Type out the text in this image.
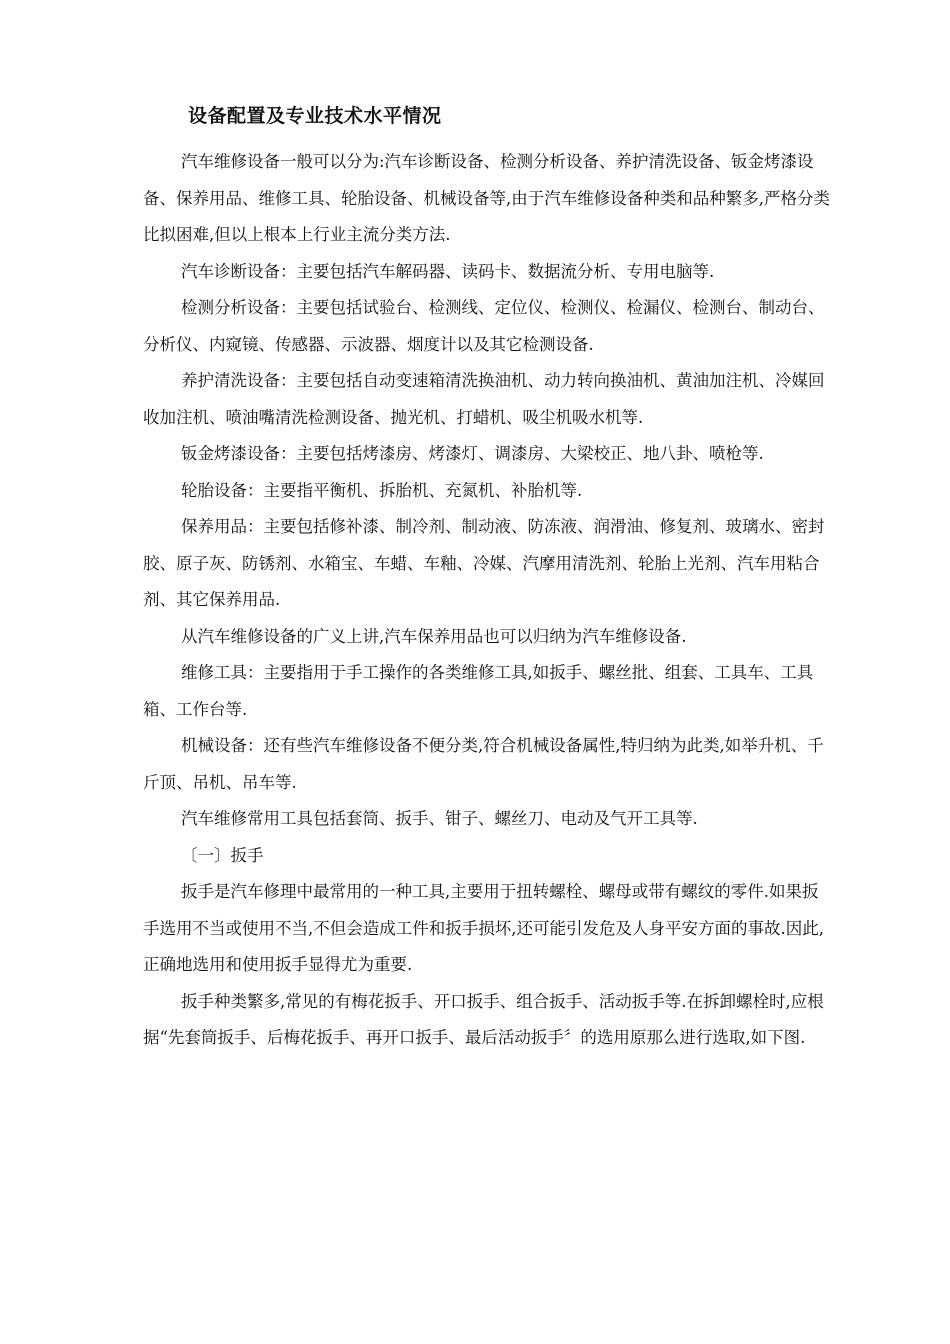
设备配置及专业技术水平情况

汽车维修设备一般可以分为:汽车诊断设备、检测分析设备、养护清洗设备、钣金烤漆设备、保养用品、维修工具、轮胎设备、机械设备等,由于汽车维修设备种类和品种繁多,严格分类比拟困难,但以上根本上行业主流分类方法.

汽车诊断设备：主要包括汽车解码器、读码卡、数据流分析、专用电脑等.

检测分析设备：主要包括试验台、检测线、定位仪、检测仪、检漏仪、检测台、制动台、分析仪、内窥镜、传感器、示波器、烟度计以及其它检测设备.

养护清洗设备：主要包括自动变速箱清洗换油机、动力转向换油机、黄油加注机、冷媒回收加注机、喷油嘴清洗检测设备、抛光机、打蜡机、吸尘机吸水机等.

钣金烤漆设备：主要包括烤漆房、烤漆灯、调漆房、大梁校正、地八卦、喷枪等.

轮胎设备：主要指平衡机、拆胎机、充氮机、补胎机等.

保养用品：主要包括修补漆、制冷剂、制动液、防冻液、润滑油、修复剂、玻璃水、密封胶、原子灰、防锈剂、水箱宝、车蜡、车釉、冷媒、汽摩用清洗剂、轮胎上光剂、汽车用粘合剂、其它保养用品.

从汽车维修设备的广义上讲,汽车保养用品也可以归纳为汽车维修设备.

维修工具：主要指用于手工操作的各类维修工具,如扳手、螺丝批、组套、工具车、工具箱、工作台等.

机械设备：还有些汽车维修设备不便分类,符合机械设备属性,特归纳为此类,如举升机、千斤顶、吊机、吊车等.

汽车维修常用工具包括套筒、扳手、钳子、螺丝刀、电动及气开工具等.

〔一〕扳手

扳手是汽车修理中最常用的一种工具,主要用于扭转螺栓、螺母或带有螺纹的零件.如果扳手选用不当或使用不当,不但会造成工件和扳手损坏,还可能引发危及人身平安方面的事故.因此,正确地选用和使用扳手显得尤为重要.

扳手种类繁多,常见的有梅花扳手、开口扳手、组合扳手、活动扳手等.在拆卸螺栓时,应根据“先套筒扳手、后梅花扳手、再开口扳手、最后活动扳手〞的选用原那么进行选取,如下图.
